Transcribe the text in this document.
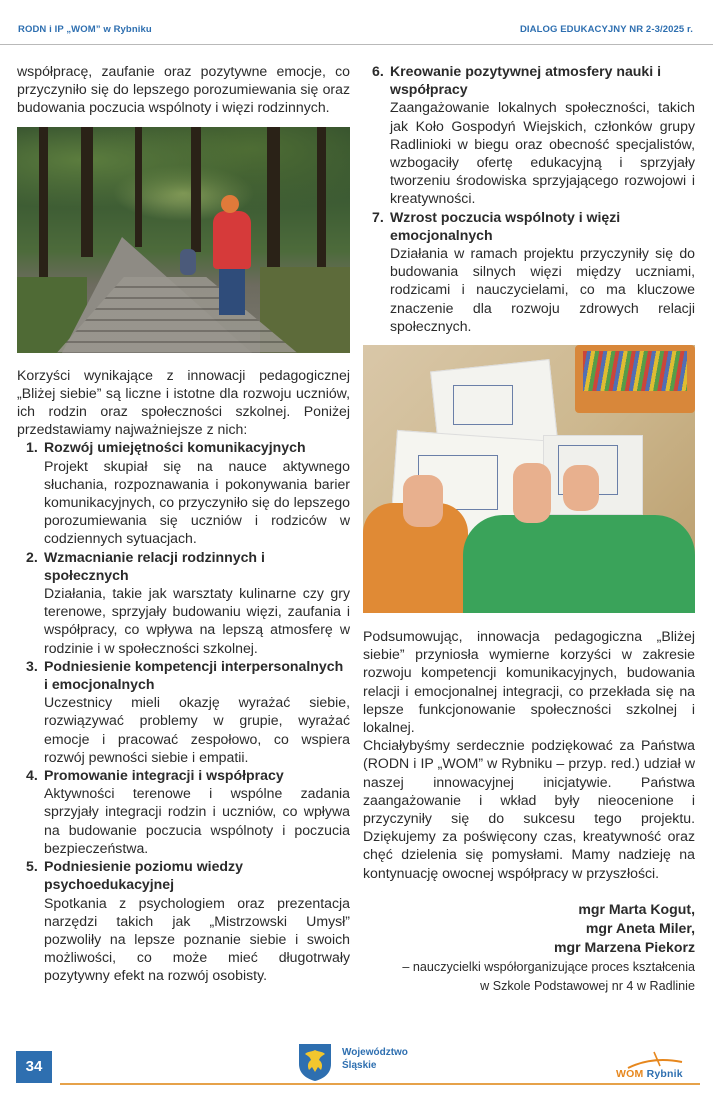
RODN i IP „WOM” w Rybniku	DIALOG EDUKACYJNY NR 2-3/2025 r.

współpracę, zaufanie oraz pozytywne emocje, co przyczyniło się do lepszego porozumiewania się oraz budowania poczucia wspólnoty i więzi rodzinnych.

Korzyści wynikające z innowacji pedagogicznej „Bliżej siebie” są liczne i istotne dla rozwoju uczniów, ich rodzin oraz społeczności szkolnej. Poniżej przedstawiamy najważniejsze z nich:

1. Rozwój umiejętności komunikacyjnych
Projekt skupiał się na nauce aktywnego słuchania, rozpoznawania i pokonywania barier komunikacyjnych, co przyczyniło się do lepszego porozumiewania się uczniów i rodziców w codziennych sytuacjach.
2. Wzmacnianie relacji rodzinnych i społecznych
Działania, takie jak warsztaty kulinarne czy gry terenowe, sprzyjały budowaniu więzi, zaufania i współpracy, co wpływa na lepszą atmosferę w rodzinie i w społeczności szkolnej.
3. Podniesienie kompetencji interpersonalnych i emocjonalnych
Uczestnicy mieli okazję wyrażać siebie, rozwiązywać problemy w grupie, wyrażać emocje i pracować zespołowo, co wspiera rozwój pewności siebie i empatii.
4. Promowanie integracji i współpracy
Aktywności terenowe i wspólne zadania sprzyjały integracji rodzin i uczniów, co wpływa na budowanie poczucia wspólnoty i poczucia bezpieczeństwa.
5. Podniesienie poziomu wiedzy psychoedukacyjnej
Spotkania z psychologiem oraz prezentacja narzędzi takich jak „Mistrzowski Umysł” pozwoliły na lepsze poznanie siebie i swoich możliwości, co może mieć długotrwały pozytywny efekt na rozwój osobisty.
6. Kreowanie pozytywnej atmosfery nauki i współpracy
Zaangażowanie lokalnych społeczności, takich jak Koło Gospodyń Wiejskich, członków grupy Radlinioki w biegu oraz obecność specjalistów, wzbogaciły ofertę edukacyjną i sprzyjały tworzeniu środowiska sprzyjającego rozwojowi i kreatywności.
7. Wzrost poczucia wspólnoty i więzi emocjonalnych
Działania w ramach projektu przyczyniły się do budowania silnych więzi między uczniami, rodzicami i nauczycielami, co ma kluczowe znaczenie dla rozwoju zdrowych relacji społecznych.

Podsumowując, innowacja pedagogiczna „Bliżej siebie” przyniosła wymierne korzyści w zakresie rozwoju kompetencji komunikacyjnych, budowania relacji i emocjonalnej integracji, co przekłada się na lepsze funkcjonowanie społeczności szkolnej i lokalnej.

Chciałybyśmy serdecznie podziękować za Państwa (RODN i IP „WOM” w Rybniku – przyp. red.) udział w naszej innowacyjnej inicjatywie. Państwa zaangażowanie i wkład były nieocenione i przyczyniły się do sukcesu tego projektu. Dziękujemy za poświęcony czas, kreatywność oraz chęć dzielenia się pomysłami. Mamy nadzieję na kontynuację owocnej współpracy w przyszłości.

mgr Marta Kogut,
mgr Aneta Miler,
mgr Marzena Piekorz
– nauczycielki współorganizujące proces kształcenia
w Szkole Podstawowej nr 4 w Radlinie
34
Województwo
Śląskie
WOM Rybnik
